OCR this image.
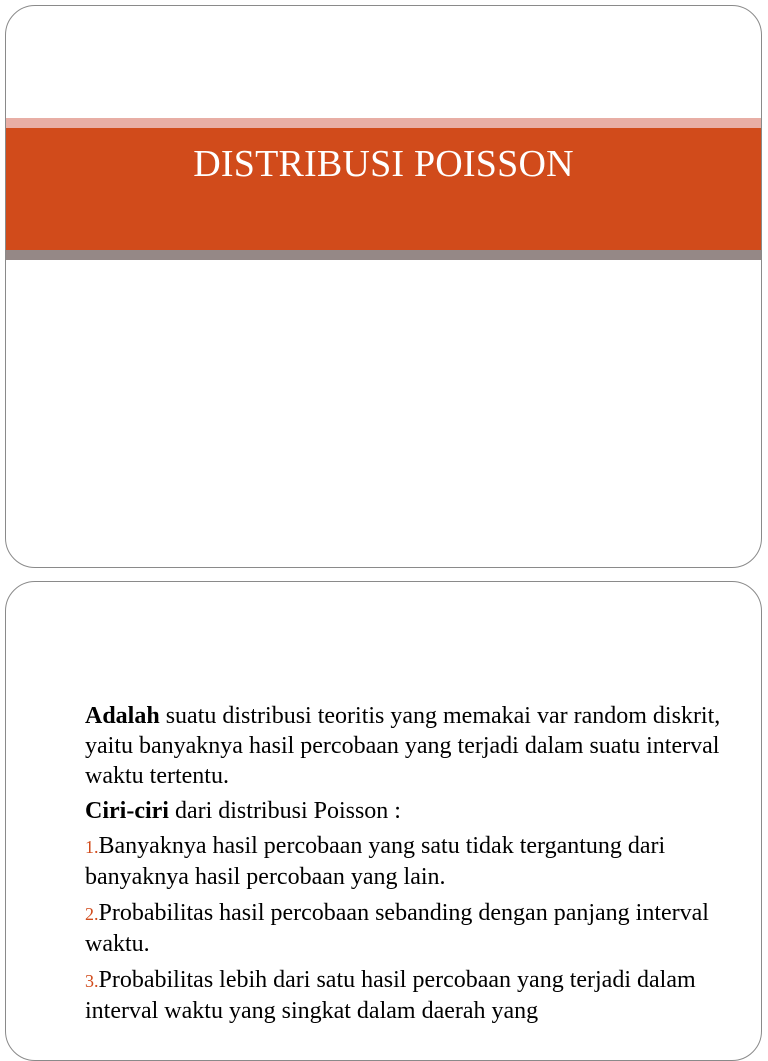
DISTRIBUSI POISSON

Adalah suatu distribusi teoritis yang memakai var random diskrit, yaitu banyaknya hasil percobaan yang terjadi dalam suatu interval waktu tertentu.

Ciri-ciri dari distribusi Poisson :

1.Banyaknya hasil percobaan yang satu tidak tergantung dari banyaknya hasil percobaan yang lain.

2.Probabilitas hasil percobaan sebanding dengan panjang interval waktu.

3.Probabilitas lebih dari satu hasil percobaan yang terjadi dalam interval waktu yang singkat dalam daerah yang
